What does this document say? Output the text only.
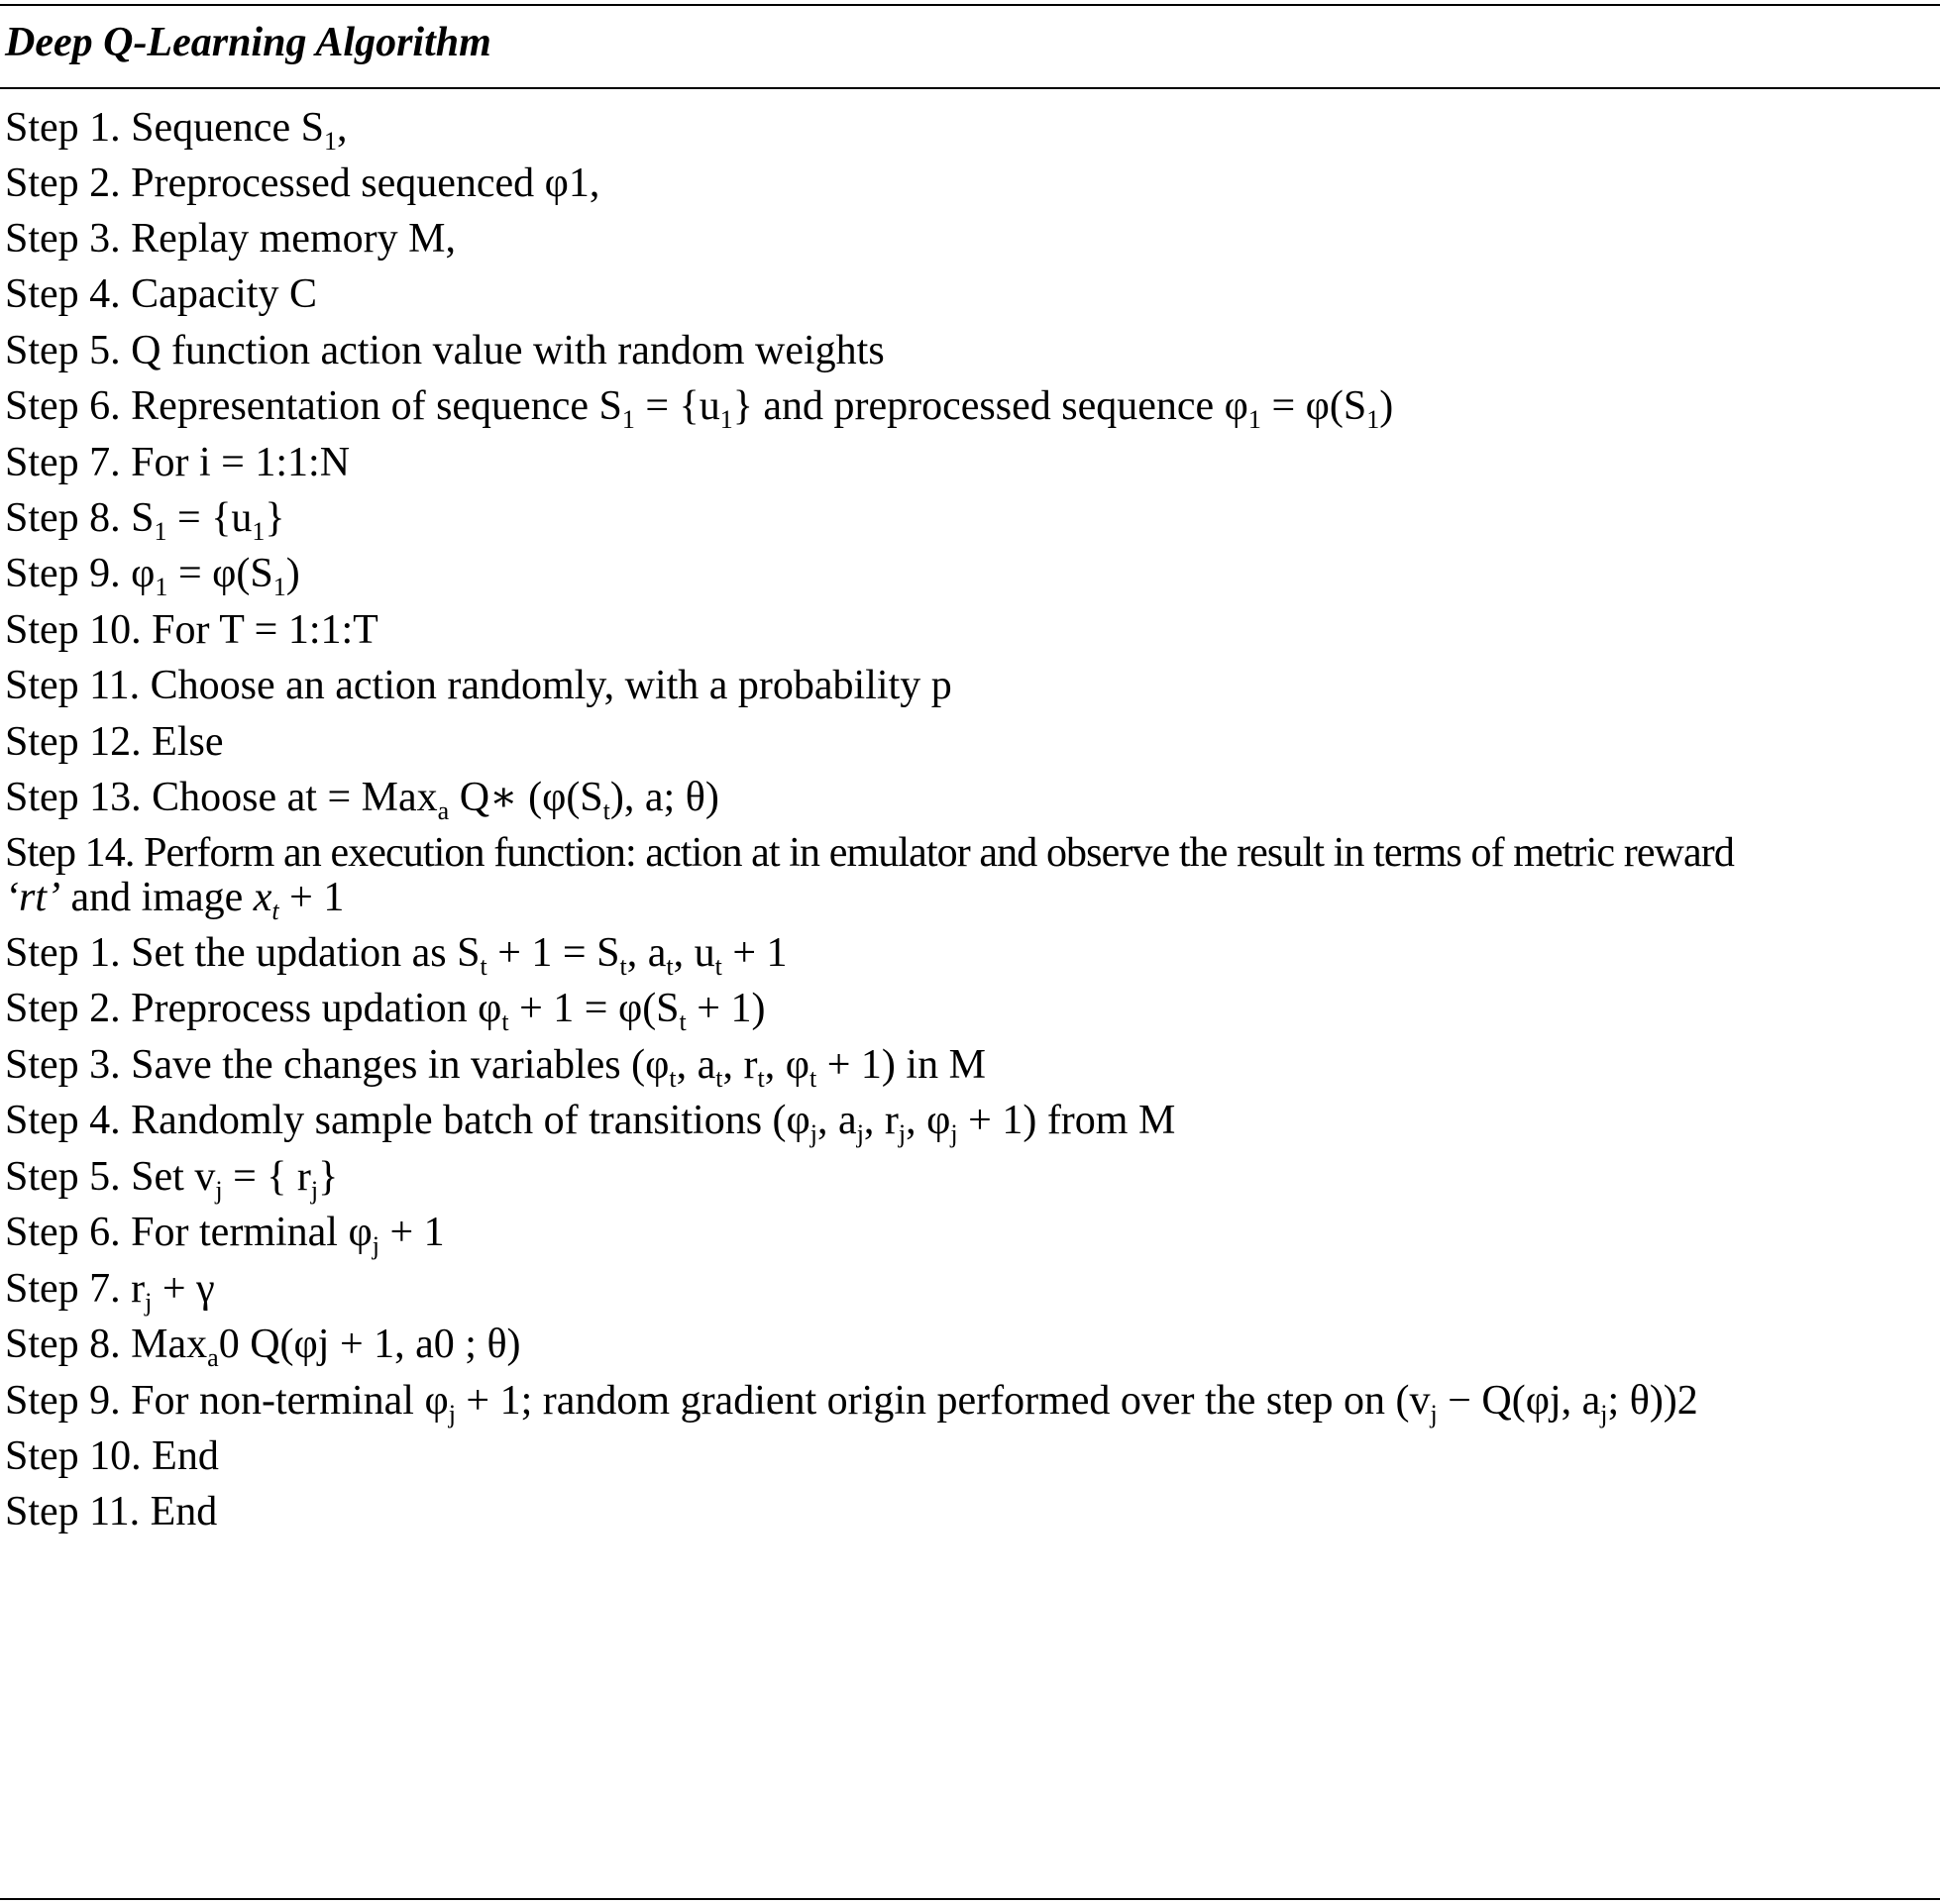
Deep Q-Learning Algorithm
Step 1. Sequence $S_1$,
Step 2. Preprocessed sequenced φ1,
Step 3. Replay memory M,
Step 4. Capacity C
Step 5. Q function action value with random weights
Step 6. Representation of sequence $S_1 = \{u_1\}$ and preprocessed sequence $\varphi_1 = \varphi(S_1)$
Step 7. For i = 1:1:N
Step 8. $S_1 = \{u_1\}$
Step 9. $\varphi_1 = \varphi(S_1)$
Step 10. For T = 1:1:T
Step 11. Choose an action randomly, with a probability p
Step 12. Else
Step 13. Choose at = Max$_a$ Q∗ ($\varphi(S_t)$, a; θ)
Step 14. Perform an execution function: action at in emulator and observe the result in terms of metric reward
‘rt’ and image $x_t + 1$
Step 1. Set the updation as $S_t + 1 = S_t$, $a_t$, $u_t + 1$
Step 2. Preprocess updation $\varphi_t + 1 = \varphi(S_t + 1)$
Step 3. Save the changes in variables ($\varphi_t$, $a_t$, $r_t$, $\varphi_t + 1$) in M
Step 4. Randomly sample batch of transitions ($\varphi_j$, $a_j$, $r_j$, $\varphi_j + 1$) from M
Step 5. Set $v_j$ = { $r_j$}
Step 6. For terminal $\varphi_j + 1$
Step 7. $r_j + \gamma$
Step 8. Max$_a$0 Q(φj + 1, a0 ; θ)
Step 9. For non-terminal $\varphi_j + 1$; random gradient origin performed over the step on ($v_j - Q(\varphi j$, $a_j$; θ))2
Step 10. End
Step 11. End
